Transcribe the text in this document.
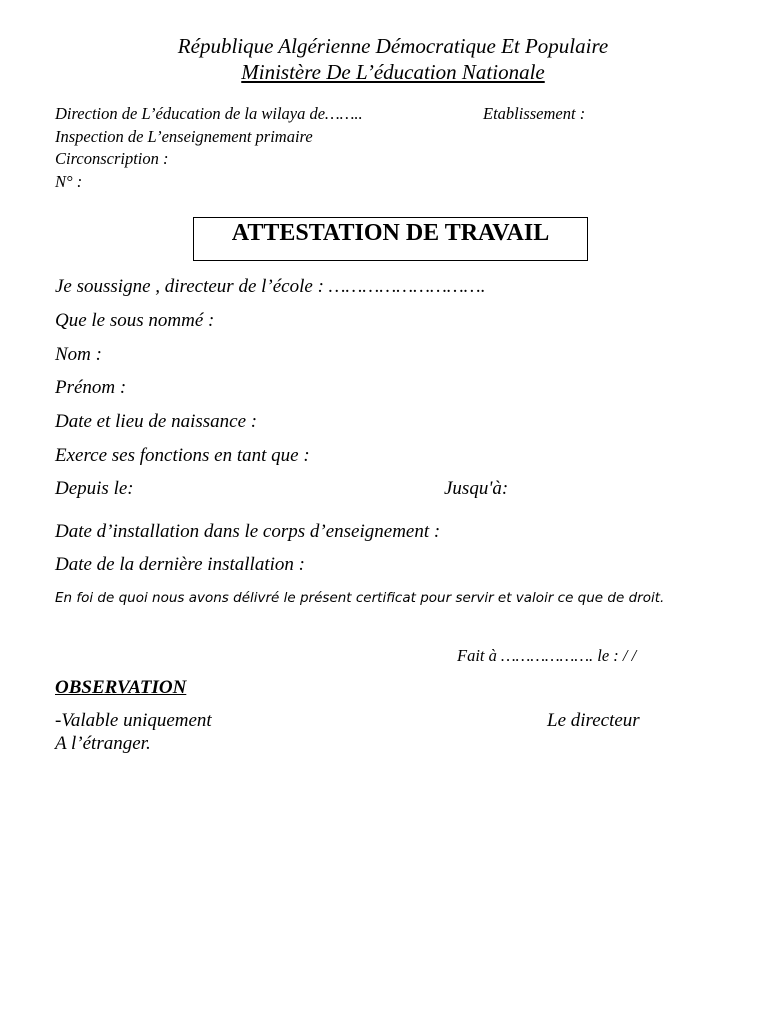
République Algérienne Démocratique Et Populaire
Ministère De L’éducation Nationale
Direction de L’éducation de la wilaya de……..	Etablissement :
Inspection de L’enseignement primaire
Circonscription :
N° :
ATTESTATION DE TRAVAIL
Je soussigne , directeur de l’école : ……………………….
Que le sous nommé :
Nom :
Prénom :
Date et lieu de naissance :
Exerce ses fonctions en tant que :
Depuis le:	Jusqu'à:
Date d’installation dans le corps d’enseignement :
Date de la dernière installation :
En foi de quoi nous avons délivré le présent certificat pour servir et valoir ce que de droit.
Fait à ………………. le : / /
OBSERVATION
-Valable uniquement
A l’étranger.
Le directeur
